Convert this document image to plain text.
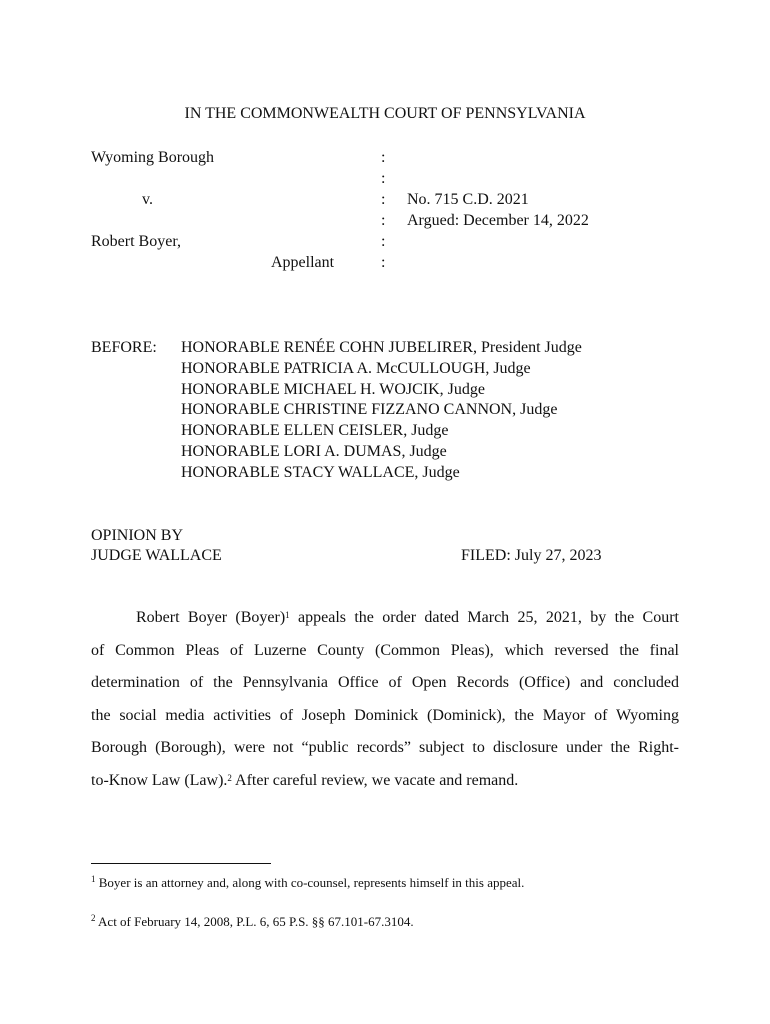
IN THE COMMONWEALTH COURT OF PENNSYLVANIA
Wyoming Borough
v.
Robert Boyer,
Appellant
:
:
:
:
:
:
No. 715 C.D. 2021
Argued: December 14, 2022
BEFORE: HONORABLE RENÉE COHN JUBELIRER, President Judge
HONORABLE PATRICIA A. McCULLOUGH, Judge
HONORABLE MICHAEL H. WOJCIK, Judge
HONORABLE CHRISTINE FIZZANO CANNON, Judge
HONORABLE ELLEN CEISLER, Judge
HONORABLE LORI A. DUMAS, Judge
HONORABLE STACY WALLACE, Judge
OPINION BY
JUDGE WALLACE	FILED: July 27, 2023
Robert Boyer (Boyer)$^1$ appeals the order dated March 25, 2021, by the Court
of Common Pleas of Luzerne County (Common Pleas), which reversed the final
determination of the Pennsylvania Office of Open Records (Office) and concluded
the social media activities of Joseph Dominick (Dominick), the Mayor of Wyoming
Borough (Borough), were not “public records” subject to disclosure under the Right-
to-Know Law (Law).$^2$ After careful review, we vacate and remand.
$^1$ Boyer is an attorney and, along with co-counsel, represents himself in this appeal.
$^2$ Act of February 14, 2008, P.L. 6, 65 P.S. §§ 67.101-67.3104.
